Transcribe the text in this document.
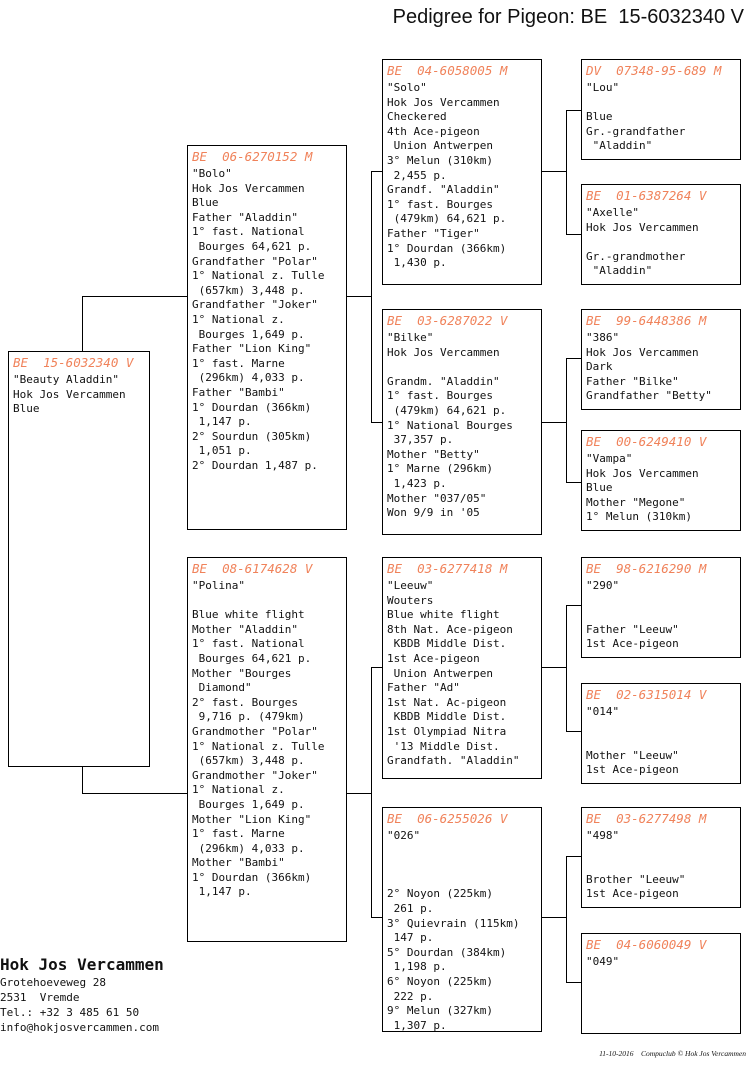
Pedigree for Pigeon: BE  15-6032340 V
BE  15-6032340 V
"Beauty Aladdin"
Hok Jos Vercammen
Blue
BE  06-6270152 M
"Bolo"
Hok Jos Vercammen
Blue
Father "Aladdin"
1° fast. National
Bourges 64,621 p.
Grandfather "Polar"
1° National z. Tulle
(657km) 3,448 p.
Grandfather "Joker"
1° National z.
Bourges 1,649 p.
Father "Lion King"
1° fast. Marne
(296km) 4,033 p.
Father "Bambi"
1° Dourdan (366km)
1,147 p.
2° Sourdun (305km)
1,051 p.
2° Dourdan 1,487 p.
BE  08-6174628 V
"Polina"
Blue white flight
Mother "Aladdin"
1° fast. National
Bourges 64,621 p.
Mother "Bourges
Diamond"
2° fast. Bourges
9,716 p. (479km)
Grandmother "Polar"
1° National z. Tulle
(657km) 3,448 p.
Grandmother "Joker"
1° National z.
Bourges 1,649 p.
Mother "Lion King"
1° fast. Marne
(296km) 4,033 p.
Mother "Bambi"
1° Dourdan (366km)
1,147 p.
BE  04-6058005 M
"Solo"
Hok Jos Vercammen
Checkered
4th Ace-pigeon
Union Antwerpen
3° Melun (310km)
2,455 p.
Grandf. "Aladdin"
1° fast. Bourges
(479km) 64,621 p.
Father "Tiger"
1° Dourdan (366km)
1,430 p.
BE  03-6287022 V
"Bilke"
Hok Jos Vercammen
Grandm. "Aladdin"
1° fast. Bourges
(479km) 64,621 p.
1° National Bourges
37,357 p.
Mother "Betty"
1° Marne (296km)
1,423 p.
Mother "037/05"
Won 9/9 in '05
BE  03-6277418 M
"Leeuw"
Wouters
Blue white flight
8th Nat. Ace-pigeon
KBDB Middle Dist.
1st Ace-pigeon
Union Antwerpen
Father "Ad"
1st Nat. Ac-pigeon
KBDB Middle Dist.
1st Olympiad Nitra
'13 Middle Dist.
Grandfath. "Aladdin"
BE  06-6255026 V
"026"
2° Noyon (225km)
261 p.
3° Quievrain (115km)
147 p.
5° Dourdan (384km)
1,198 p.
6° Noyon (225km)
222 p.
9° Melun (327km)
1,307 p.
DV  07348-95-689 M
"Lou"
Blue
Gr.-grandfather
"Aladdin"
BE  01-6387264 V
"Axelle"
Hok Jos Vercammen
Gr.-grandmother
"Aladdin"
BE  99-6448386 M
"386"
Hok Jos Vercammen
Dark
Father "Bilke"
Grandfather "Betty"
BE  00-6249410 V
"Vampa"
Hok Jos Vercammen
Blue
Mother "Megone"
1° Melun (310km)
BE  98-6216290 M
"290"
Father "Leeuw"
1st Ace-pigeon
BE  02-6315014 V
"014"
Mother "Leeuw"
1st Ace-pigeon
BE  03-6277498 M
"498"
Brother "Leeuw"
1st Ace-pigeon
BE  04-6060049 V
"049"
Hok Jos Vercammen
Grotehoeveweg 28
2531  Vremde
Tel.: +32 3 485 61 50
info@hokjosvercammen.com
11-10-2016    Compuclub © Hok Jos Vercammen
